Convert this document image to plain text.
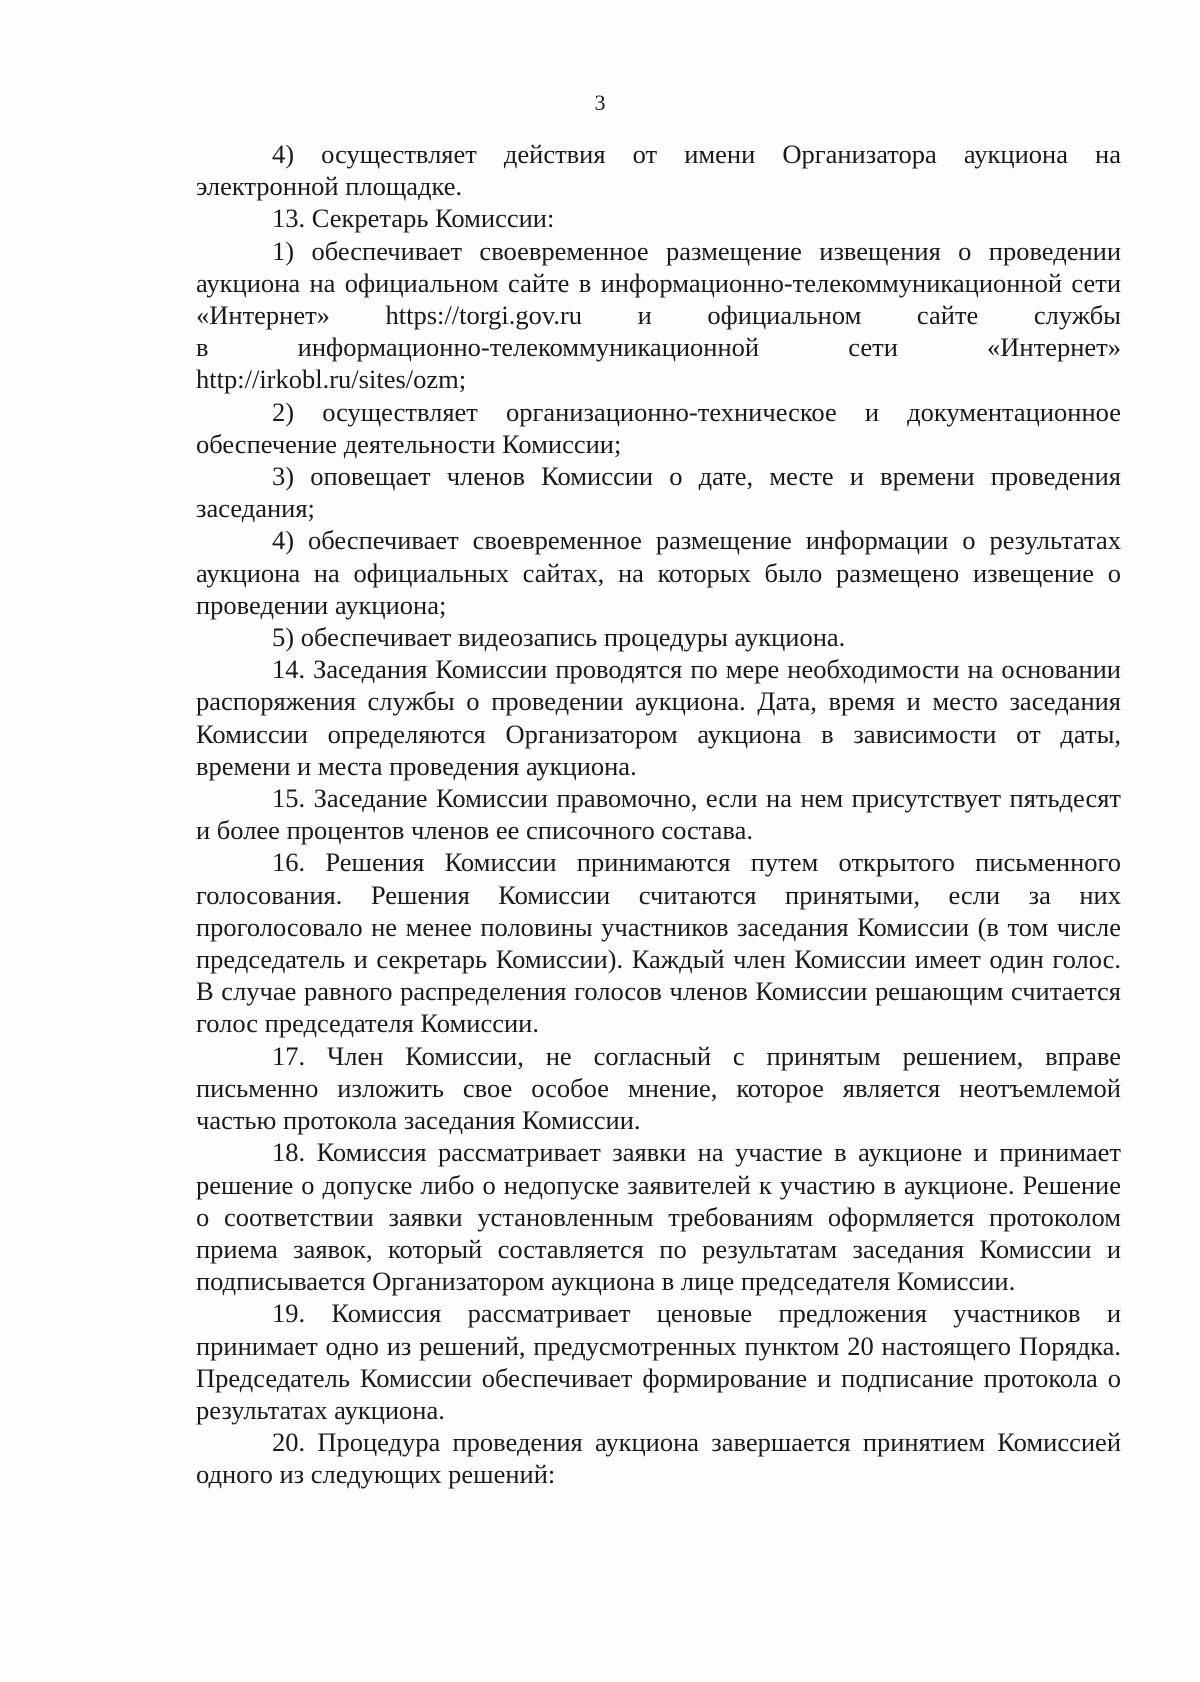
3

4) осуществляет действия от имени Организатора аукциона на электронной площадке.

13. Секретарь Комиссии:

1) обеспечивает своевременное размещение извещения о проведении аукциона на официальном сайте в информационно-телекоммуникационной сети «Интернет» https://torgi.gov.ru и официальном сайте службы

в	информационно-телекоммуникационной	сети	«Интернет»

http://irkobl.ru/sites/ozm;

2) осуществляет организационно-техническое и документационное обеспечение деятельности Комиссии;

3) оповещает членов Комиссии о дате, месте и времени проведения заседания;

4) обеспечивает своевременное размещение информации о результатах аукциона на официальных сайтах, на которых было размещено извещение о проведении аукциона;

5) обеспечивает видеозапись процедуры аукциона.

14. Заседания Комиссии проводятся по мере необходимости на основании распоряжения службы о проведении аукциона. Дата, время и место заседания Комиссии определяются Организатором аукциона в зависимости от даты, времени и места проведения аукциона.

15. Заседание Комиссии правомочно, если на нем присутствует пятьдесят и более процентов членов ее списочного состава.

16. Решения Комиссии принимаются путем открытого письменного голосования. Решения Комиссии считаются принятыми, если за них проголосовало не менее половины участников заседания Комиссии (в том числе председатель и секретарь Комиссии). Каждый член Комиссии имеет один голос. В случае равного распределения голосов членов Комиссии решающим считается голос председателя Комиссии.

17. Член Комиссии, не согласный с принятым решением, вправе письменно изложить свое особое мнение, которое является неотъемлемой частью протокола заседания Комиссии.

18. Комиссия рассматривает заявки на участие в аукционе и принимает решение о допуске либо о недопуске заявителей к участию в аукционе. Решение о соответствии заявки установленным требованиям оформляется протоколом приема заявок, который составляется по результатам заседания Комиссии и подписывается Организатором аукциона в лице председателя Комиссии.

19. Комиссия рассматривает ценовые предложения участников и принимает одно из решений, предусмотренных пунктом 20 настоящего Порядка. Председатель Комиссии обеспечивает формирование и подписание протокола о результатах аукциона.

20. Процедура проведения аукциона завершается принятием Комиссией одного из следующих решений:
